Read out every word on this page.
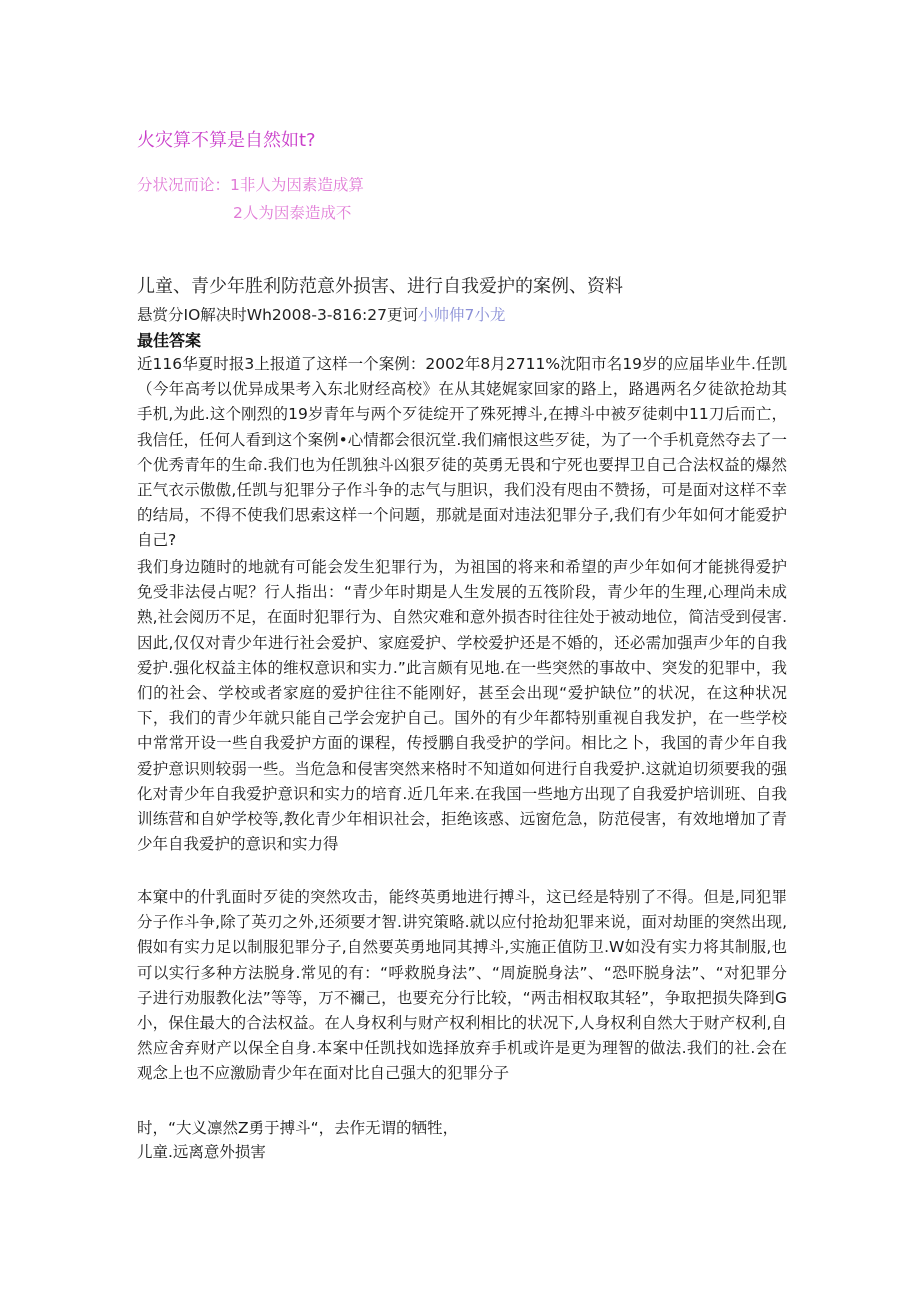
火灾算不算是自然如t?
分状况而论：1非人为因素造成算
2人为因泰造成不
儿童、青少年胜利防范意外损害、进行自我爱护的案例、资料
悬赏分IO解决时Wh2008-3-816:27更诃小帅伸7小龙
最佳答案

近116华夏时报3上报道了这样一个案例：2002年8月2711%沈阳市名19岁的应届毕业牛.任凯（今年高考以优异成果考入东北财经高校》在从其姥娓家回家的路上，路遇两名夕徒欲抢劫其手机,为此.这个刚烈的19岁青年与两个歹徒绽开了殊死搏斗,在搏斗中被歹徒刺中11刀后而亡，我信任，任何人看到这个案例•心情都会很沉堂.我们痛恨这些歹徒，为了一个手机竟然夺去了一个优秀青年的生命.我们也为任凯独斗凶狠歹徒的英勇无畏和宁死也要捍卫自己合法权益的爆然正气衣示傲傲,任凯与犯罪分子作斗争的志气与胆识，我们没有咫由不赞扬，可是面对这样不幸的结局，不得不使我们思索这样一个问题，那就是面对违法犯罪分子,我们有少年如何才能爱护自己?

我们身边随时的地就有可能会发生犯罪行为，为祖国的将来和希望的声少年如何才能挑得爱护免受非法侵占呢？行人指出：“青少年时期是人生发展的五筏阶段，青少年的生理,心理尚未成熟,社会阅历不足，在面时犯罪行为、自然灾难和意外损杏时往往处于被动地位，简洁受到侵害.因此,仅仅对青少年进行社会爱护、家庭爱护、学校爱护还是不婚的，还必需加强声少年的自我爱护.强化权益主体的维权意识和实力.”此言颇有见地.在一些突然的事故中、突发的犯罪中，我们的社会、学校或者家庭的爱护往往不能刚好，甚至会出现“爱护缺位”的状况，在这种状况下，我们的青少年就只能自己学会宠护自己。国外的有少年都特别重视自我发护，在一些学校中常常开设一些自我爱护方面的课程，传授鹏自我受护的学问。相比之卜，我国的青少年自我爱护意识则较弱一些。当危急和侵害突然来格时不知道如何进行自我爱护.这就迫切须要我的强化对青少年自我爱护意识和实力的培育.近几年来.在我国一些地方出现了自我爱护培训班、自我训练营和自妒学校等,教化青少年相识社会，拒绝该惑、远窗危急，防范侵害，有效地增加了青少年自我爱护的意识和实力得

本窠中的什乳面时歹徒的突然攻击，能终英勇地进行搏斗，这已经是特别了不得。但是,同犯罪分子作斗争,除了英刃之外,还须要才智.讲究策略.就以应付抢劫犯罪来说，面对劫匪的突然出现,假如有实力足以制服犯罪分子,自然要英勇地同其搏斗,实施正值防卫.W如没有实力将其制服,也可以实行多种方法脱身.常见的有：“呼救脱身法”、“周旋脱身法”、“恐吓脱身法”、“对犯罪分子进行劝服教化法”等等，万不禰己，也要充分行比较，“两击相权取其轻”，争取把损失降到G小，保住最大的合法权益。在人身权利与财产权利相比的状况下,人身权利自然大于财产权利,自然应舍弃财产以保全自身.本案中任凯找如选择放弃手机或许是更为理智的做法.我们的社.会在观念上也不应激励青少年在面对比自己强大的犯罪分子

时，“大义凛然Z勇于搏斗“，去作无谓的牺牲，
儿童.远离意外损害
